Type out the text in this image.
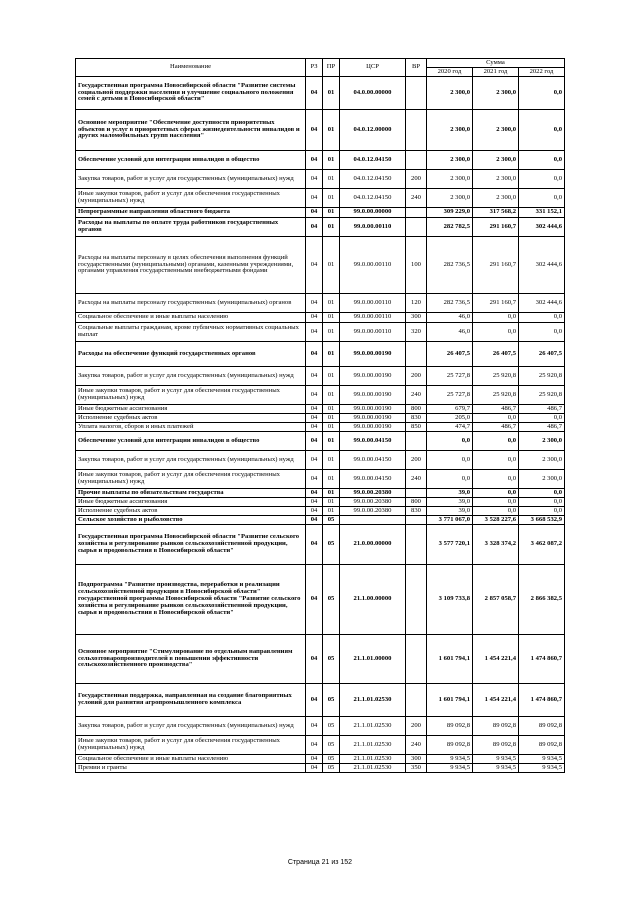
Наименование	РЗ	ПР	ЦСР	ВР	Сумма		
					2020 год	2021 год	2022 год
Государственная программа Новосибирской области "Развитие системы социальной поддержки населения и улучшение социального положения семей с детьми в Новосибирской области"	04	01	04.0.00.00000		2 300,0	2 300,0	0,0
Основное мероприятие "Обеспечение доступности приоритетных объектов и услуг в приоритетных сферах жизнедеятельности инвалидов и других маломобильных групп населения"	04	01	04.0.12.00000		2 300,0	2 300,0	0,0
Обеспечение условий для интеграции инвалидов в общество	04	01	04.0.12.04150		2 300,0	2 300,0	0,0
Закупка товаров, работ и услуг для государственных (муниципальных) нужд	04	01	04.0.12.04150	200	2 300,0	2 300,0	0,0
Иные закупки товаров, работ и услуг для обеспечения государственных (муниципальных) нужд	04	01	04.0.12.04150	240	2 300,0	2 300,0	0,0
Непрограммные направления областного бюджета	04	01	99.0.00.00000		309 229,0	317 568,2	331 152,1
Расходы на выплаты по оплате труда работников государственных органов	04	01	99.0.00.00110		282 782,5	291 160,7	302 444,6
Расходы на выплаты персоналу в целях обеспечения выполнения функций государственными (муниципальными) органами, казенными учреждениями, органами управления государственными внебюджетными фондами	04	01	99.0.00.00110	100	282 736,5	291 160,7	302 444,6
Расходы на выплаты персоналу государственных (муниципальных) органов	04	01	99.0.00.00110	120	282 736,5	291 160,7	302 444,6
Социальное обеспечение и иные выплаты населению	04	01	99.0.00.00110	300	46,0	0,0	0,0
Социальные выплаты гражданам, кроме публичных нормативных социальных выплат	04	01	99.0.00.00110	320	46,0	0,0	0,0
Расходы на обеспечение функций государственных органов	04	01	99.0.00.00190		26 407,5	26 407,5	26 407,5
Закупка товаров, работ и услуг для государственных (муниципальных) нужд	04	01	99.0.00.00190	200	25 727,8	25 920,8	25 920,8
Иные закупки товаров, работ и услуг для обеспечения государственных (муниципальных) нужд	04	01	99.0.00.00190	240	25 727,8	25 920,8	25 920,8
Иные бюджетные ассигнования	04	01	99.0.00.00190	800	679,7	486,7	486,7
Исполнение судебных актов	04	01	99.0.00.00190	830	205,0	0,0	0,0
Уплата налогов, сборов и иных платежей	04	01	99.0.00.00190	850	474,7	486,7	486,7
Обеспечение условий для интеграции инвалидов в общество	04	01	99.0.00.04150		0,0	0,0	2 300,0
Закупка товаров, работ и услуг для государственных (муниципальных) нужд	04	01	99.0.00.04150	200	0,0	0,0	2 300,0
Иные закупки товаров, работ и услуг для обеспечения государственных (муниципальных) нужд	04	01	99.0.00.04150	240	0,0	0,0	2 300,0
Прочие выплаты по обязательствам государства	04	01	99.0.00.20380		39,0	0,0	0,0
Иные бюджетные ассигнования	04	01	99.0.00.20380	800	39,0	0,0	0,0
Исполнение судебных актов	04	01	99.0.00.20380	830	39,0	0,0	0,0
Сельское хозяйство и рыболовство	04	05			3 771 067,0	3 528 227,6	3 668 532,9
Государственная программа Новосибирской области "Развитие сельского хозяйства и регулирование рынков сельскохозяйственной продукции, сырья и продовольствия в Новосибирской области"	04	05	21.0.00.00000		3 577 720,1	3 328 374,2	3 462 087,2
Подпрограмма "Развитие производства, переработки и реализации сельскохозяйственной продукции в Новосибирской области" государственной программы Новосибирской области "Развитие сельского хозяйства и регулирование рынков сельскохозяйственной продукции, сырья и продовольствия в Новосибирской области"	04	05	21.1.00.00000		3 109 733,8	2 857 058,7	2 866 382,5
Основное мероприятие "Стимулирование по отдельным направлениям сельхозтоваропроизводителей в повышении эффективности сельскохозяйственного производства"	04	05	21.1.01.00000		1 601 794,1	1 454 221,4	1 474 860,7
Государственная поддержка, направленная на создание благоприятных условий для развития агропромышленного комплекса	04	05	21.1.01.02530		1 601 794,1	1 454 221,4	1 474 860,7
Закупка товаров, работ и услуг для государственных (муниципальных) нужд	04	05	21.1.01.02530	200	89 092,8	89 092,8	89 092,8
Иные закупки товаров, работ и услуг для обеспечения государственных (муниципальных) нужд	04	05	21.1.01.02530	240	89 092,8	89 092,8	89 092,8
Социальное обеспечение и иные выплаты населению	04	05	21.1.01.02530	300	9 934,5	9 934,5	9 934,5
Премии и гранты	04	05	21.1.01.02530	350	9 934,5	9 934,5	9 934,5
Страница 21 из 152
